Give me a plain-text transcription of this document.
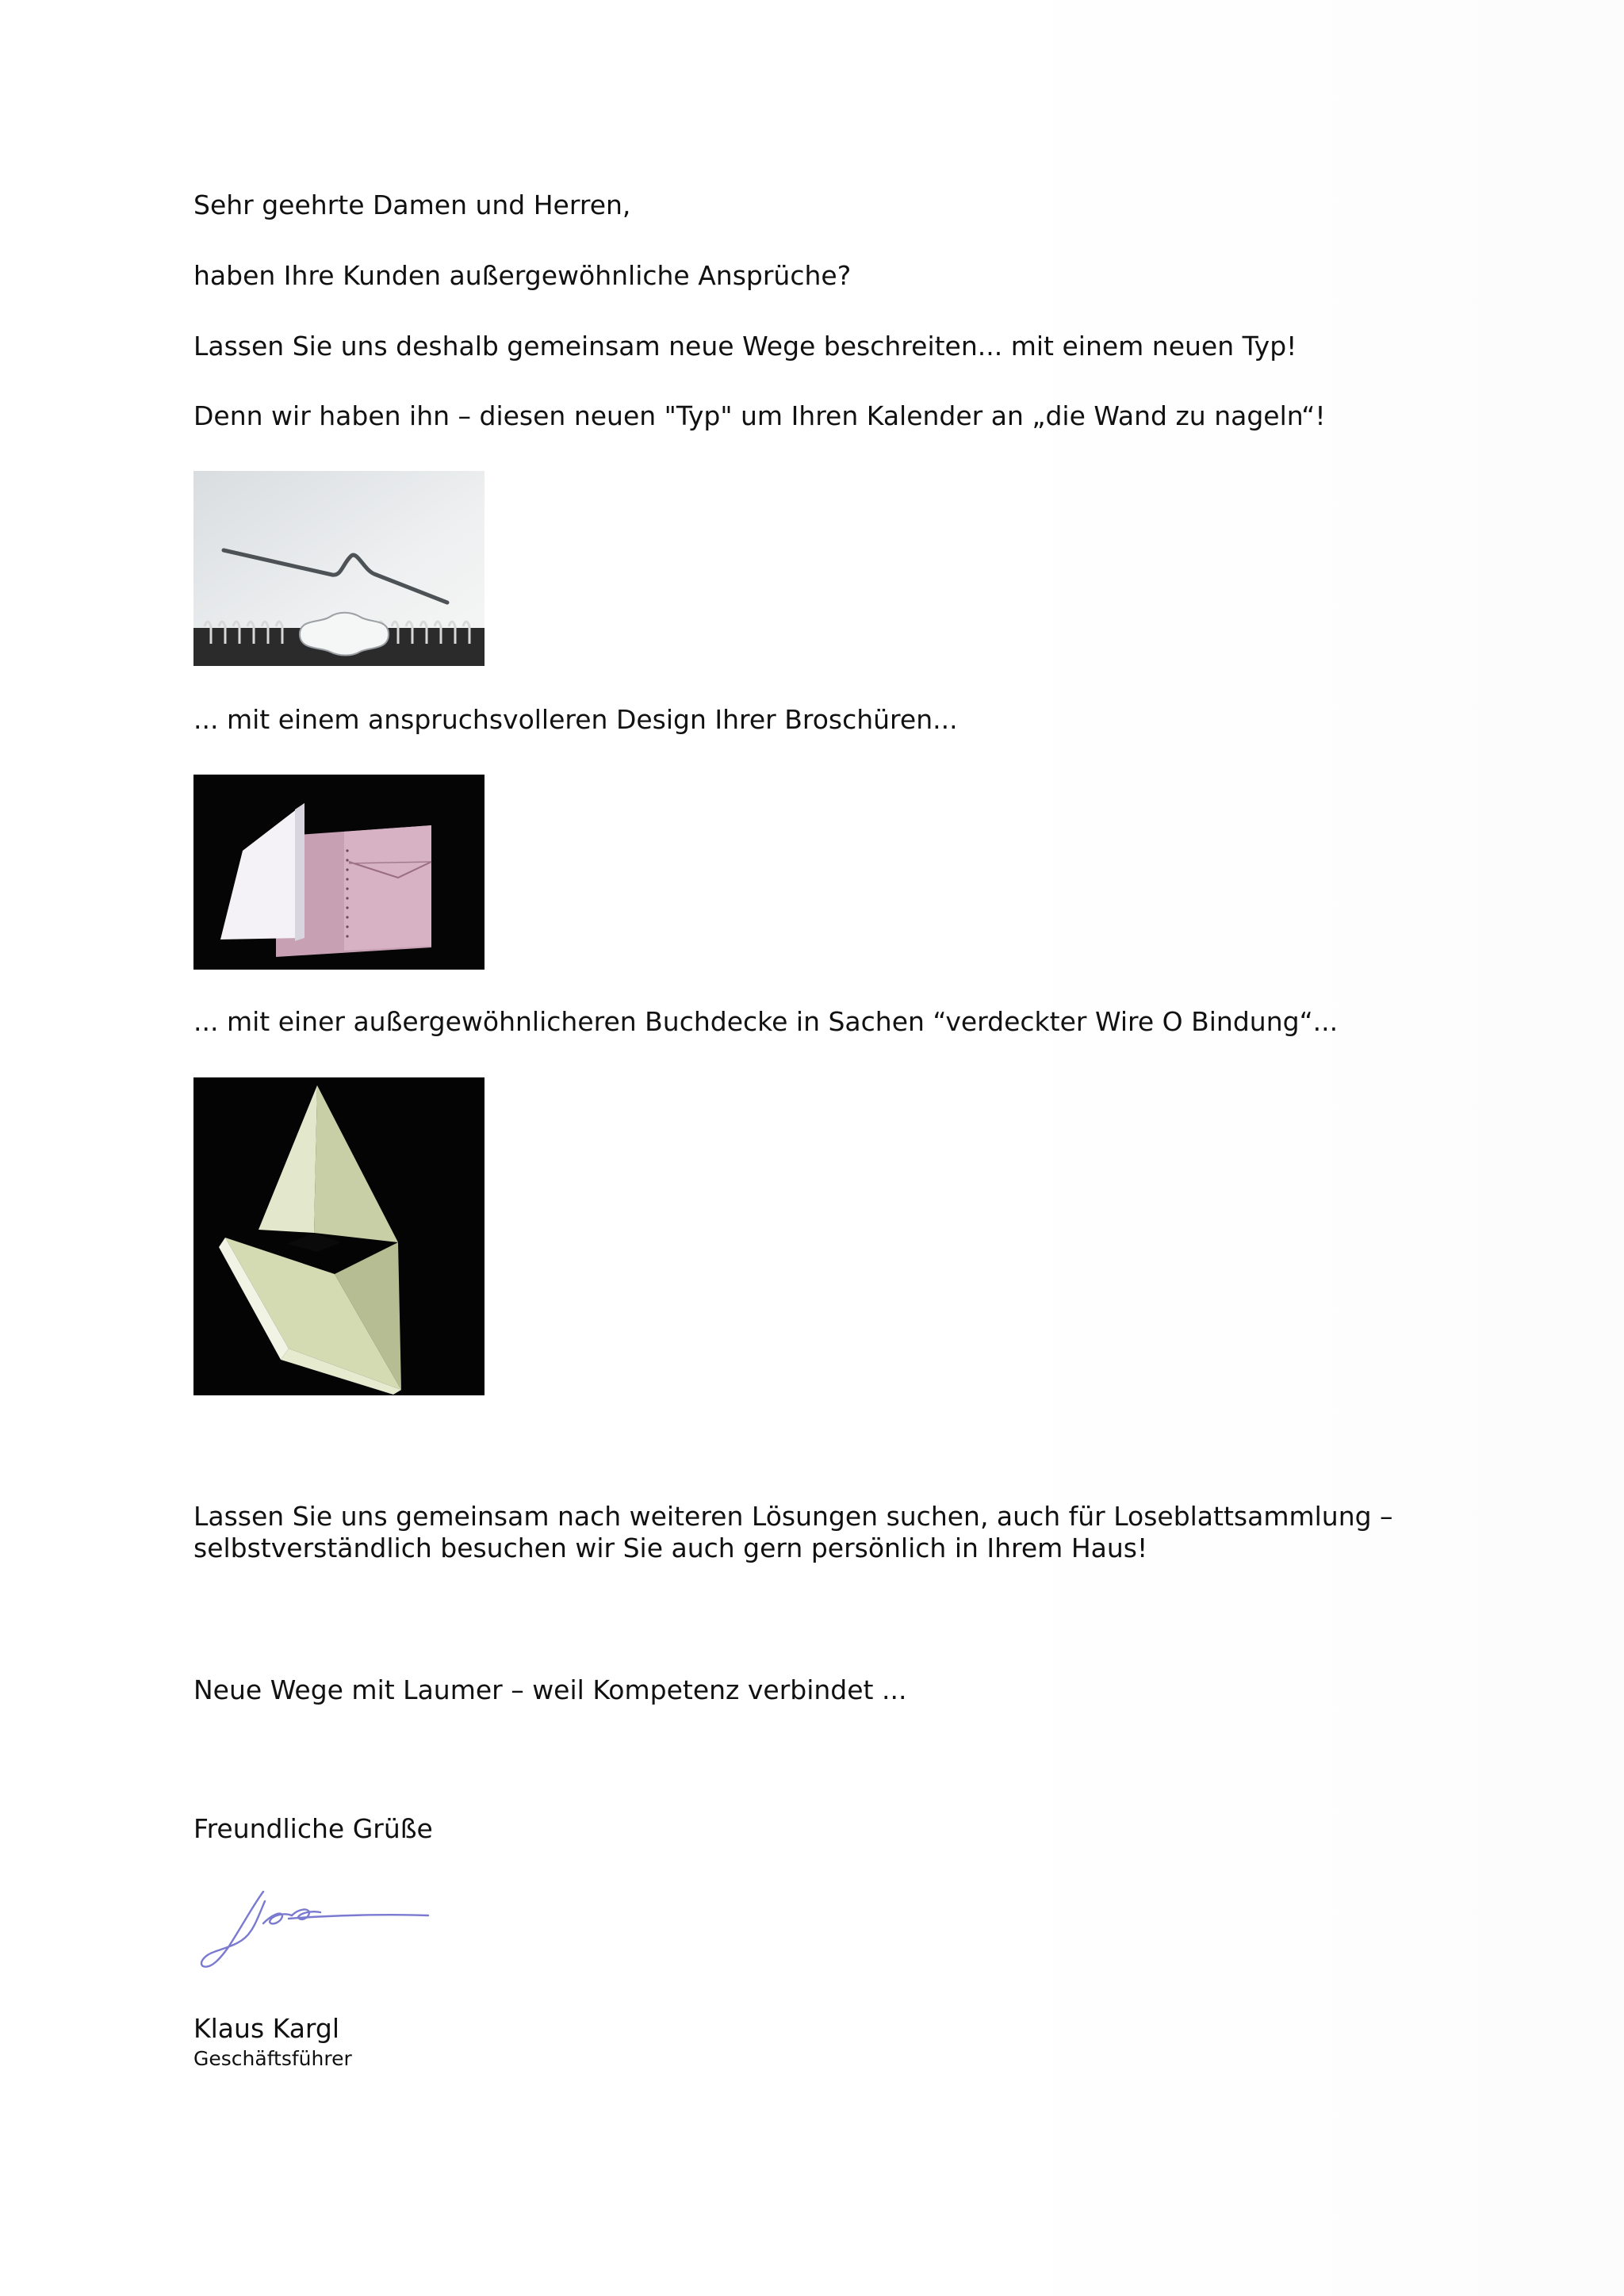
Sehr geehrte Damen und Herren,
haben Ihre Kunden außergewöhnliche Ansprüche?
Lassen Sie uns deshalb gemeinsam neue Wege beschreiten... mit einem neuen Typ!
Denn wir haben ihn – diesen neuen "Typ" um Ihren Kalender an „die Wand zu nageln“!
... mit einem anspruchsvolleren Design Ihrer Broschüren...
... mit einer außergewöhnlicheren Buchdecke in Sachen “verdeckter Wire O Bindung“...
Lassen Sie uns gemeinsam nach weiteren Lösungen suchen, auch für Loseblattsammlung –
selbstverständlich besuchen wir Sie auch gern persönlich in Ihrem Haus!
Neue Wege mit Laumer – weil Kompetenz verbindet ...
Freundliche Grüße
Klaus Kargl
Geschäftsführer
